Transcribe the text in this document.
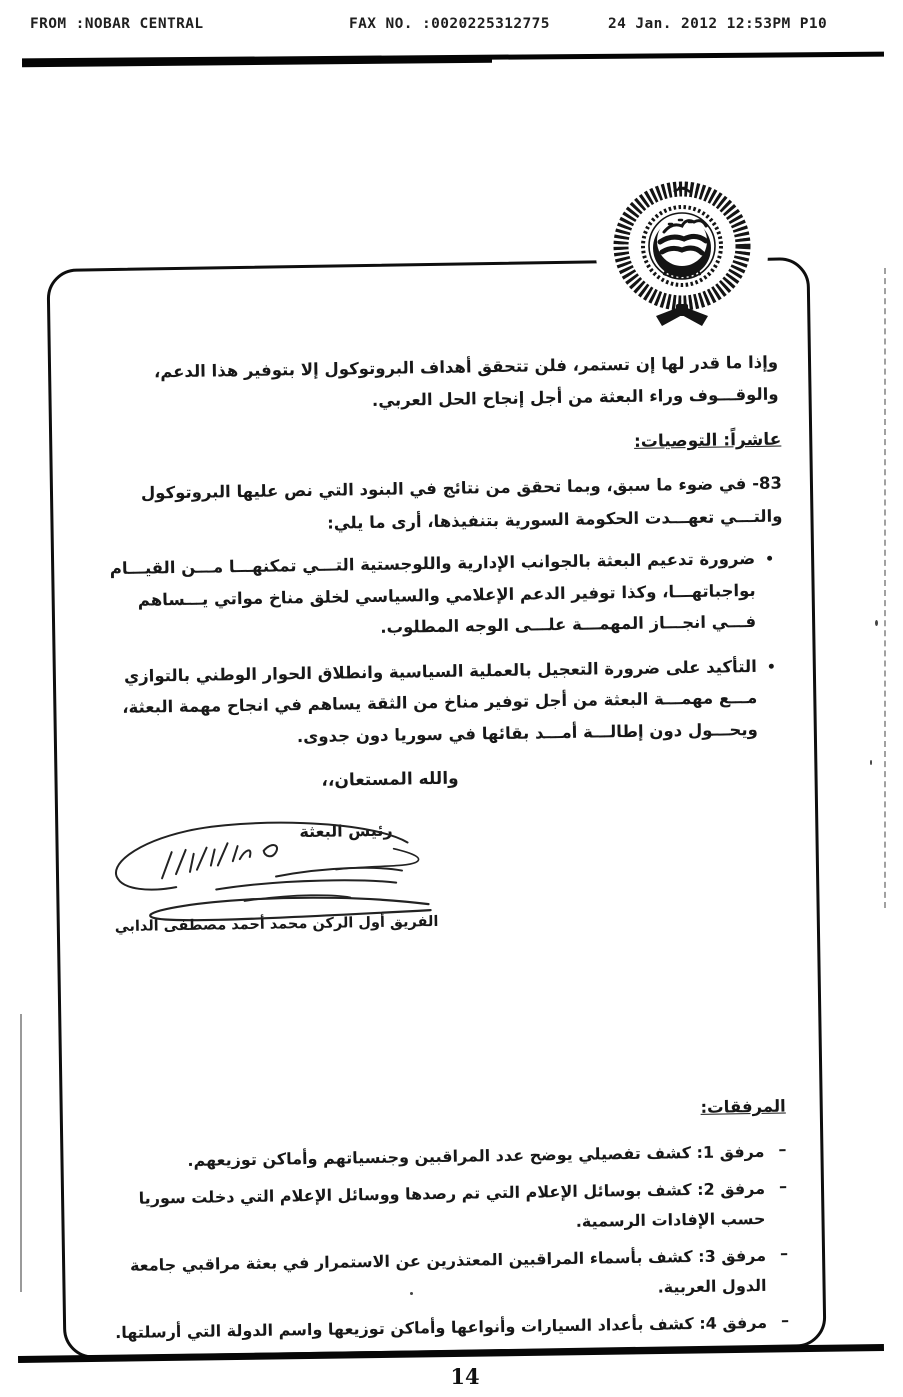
FROM :NOBAR CENTRAL	FAX NO. :0020225312775	24 Jan. 2012 12:53PM P10

وإذا ما قدر لها إن تستمر، فلن تتحقق أهداف البروتوكول إلا بتوفير هذا الدعم، والوقـــوف وراء البعثة من أجل إنجاح الحل العربي.

عاشراً: التوصيات:

83- في ضوء ما سبق، وبما تحقق من نتائج في البنود التي نص عليها البروتوكول والتـــي تعهـــدت الحكومة السورية بتنفيذها، أرى ما يلي:

• ضرورة تدعيم البعثة بالجوانب الإدارية واللوجستية التـــي تمكنهـــا مـــن القيـــام بواجباتهـــا، وكذا توفير الدعم الإعلامي والسياسي لخلق مناخ مواتي يـــساهم فـــي انجـــاز المهمـــة علـــى الوجه المطلوب.
• التأكيد على ضرورة التعجيل بالعملية السياسية وانطلاق الحوار الوطني بالتوازي مـــع مهمـــة البعثة من أجل توفير مناخ من الثقة يساهم في انجاح مهمة البعثة، ويحـــول دون إطالـــة أمـــد بقائها في سوريا دون جدوى.

والله المستعان،،

رئيس البعثة
الفريق أول الركن محمد أحمد مصطفى الدابي
المرفقات:
– مرفق 1: كشف تفصيلي يوضح عدد المراقبين وجنسياتهم وأماكن توزيعهم.
– مرفق 2: كشف بوسائل الإعلام التي تم رصدها ووسائل الإعلام التي دخلت سوريا حسب الإفادات الرسمية.
– مرفق 3: كشف بأسماء المراقبين المعتذرين عن الاستمرار في بعثة مراقبي جامعة الدول العربية.
– مرفق 4: كشف بأعداد السيارات وأنواعها وأماكن توزيعها واسم الدولة التي أرسلتها.
14
